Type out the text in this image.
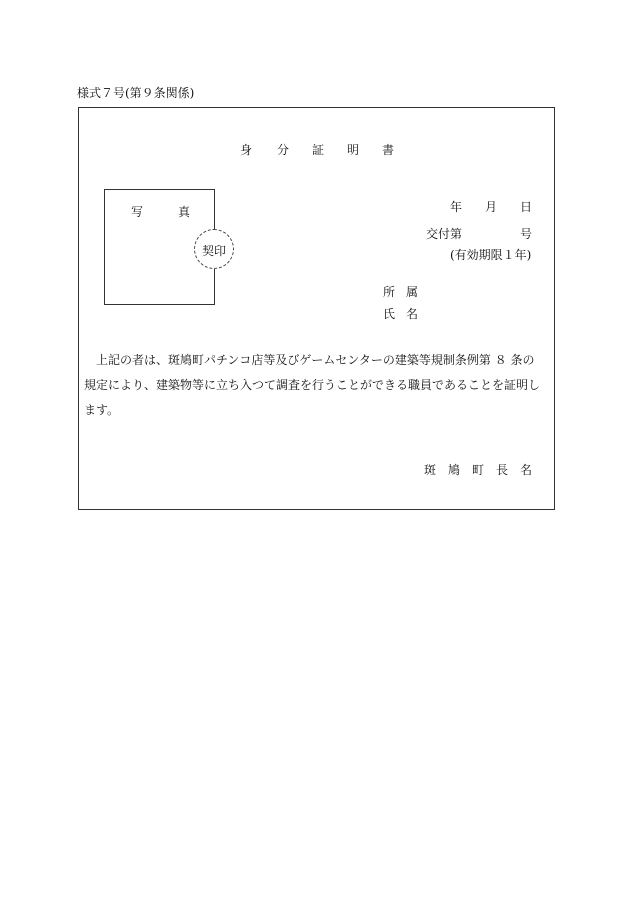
様式７号(第９条関係)
身 分 証 明 書
写	真
契印
年 月 日
交付第	号
(有効期限１年)
所 属
氏 名
上記の者は、斑鳩町パチンコ店等及びゲームセンターの建築等規制条例第 ８ 条の規定により、建築物等に立ち入つて調査を行うことができる職員であることを証明します。
斑 鳩 町 長 名
